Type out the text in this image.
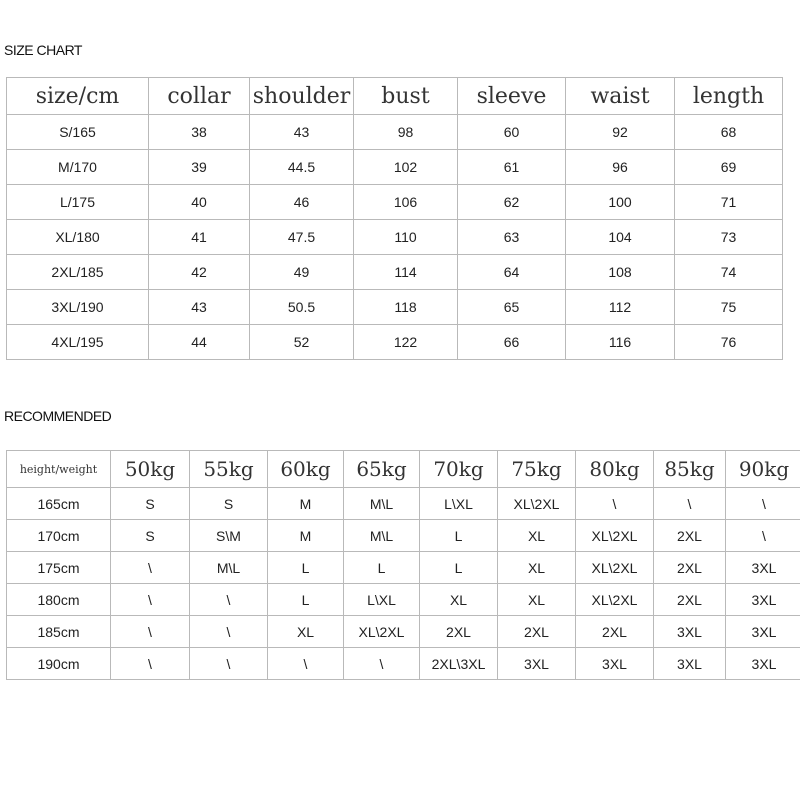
SIZE CHART
size/cm	collar	shoulder	bust	sleeve	waist	length
S/165	38	43	98	60	92	68
M/170	39	44.5	102	61	96	69
L/175	40	46	106	62	100	71
XL/180	41	47.5	110	63	104	73
2XL/185	42	49	114	64	108	74
3XL/190	43	50.5	118	65	112	75
4XL/195	44	52	122	66	116	76
RECOMMENDED
height/weight	50kg	55kg	60kg	65kg	70kg	75kg	80kg	85kg	90kg
165cm	S	S	M	M\L	L\XL	XL\2XL	\	\	\
170cm	S	S\M	M	M\L	L	XL	XL\2XL	2XL	\
175cm	\	M\L	L	L	L	XL	XL\2XL	2XL	3XL
180cm	\	\	L	L\XL	XL	XL	XL\2XL	2XL	3XL
185cm	\	\	XL	XL\2XL	2XL	2XL	2XL	3XL	3XL
190cm	\	\	\	\	2XL\3XL	3XL	3XL	3XL	3XL
